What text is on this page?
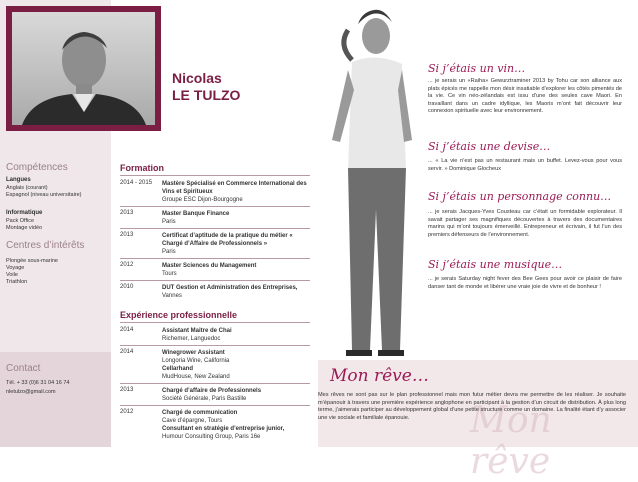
Nicolas
LE TULZO
Compétences
Langues
Anglais (courant)
Espagnol (niveau universitaire)
Informatique
Pack Office
Montage vidéo
Centres d’intérêts
Plongée sous-marine
Voyage
Voile
Triathlon
Contact
Tél. + 33 (0)6 31 04 16 74
nletulzo@gmail.com
Formation
2014 - 2015 Mastère Spécialisé en Commerce International des Vins et Spiritueux
Groupe ESC Dijon-Bourgogne
2013	Master Banque Finance
Paris
2013	Certificat d’aptitude de la pratique du métier « Chargé d’Affaire de Professionnels »
Paris
2012	Master Sciences du Management
Tours
2010	DUT Gestion et Administration des Entreprises,
Vannes
Expérience professionnelle
2014	Assistant Maitre de Chai
Richemer, Languedoc
2014	Winegrower Assistant
Longoria Wine, California
Cellarhand
MudHouse, New Zealand
2013	Chargé d’affaire de Professionnels
Société Générale, Paris Bastille
2012	Chargé de communication
Cave d’épargne, Tours
Consultant en stratégie d’entreprise junior,
Humour Consulting Group, Paris 16e
Si j’étais un vin…
... je serais un «Raiha» Gewurztraminer 2013 by Tohu car son alliance aux plats épicés me rappelle mon désir insatiable d’explorer les côtés pimentés de la vie. Ce vin néo-zélandais est issu d’une des seules cave Maori. En travaillant dans un cadre idyllique, les Maoris m’ont fait découvrir leur connexion spirituelle avec leur environnement.
Si j’étais une devise…
... « La vie n’est pas un restaurant mais un buffet. Levez-vous pour vous servir. » Dominique Glocheux
Si j’étais un personnage connu…
... je serais Jacques-Yves Cousteau car c’était un formidable explorateur. Il savait partager ses magnifiques découvertes à travers des documentaires marins qui m’ont toujours émerveillé. Entrepreneur et écrivain, il fut l’un des premiers défenseurs de l’environnement.
Si j’étais une musique…
... je serais Saturday night fever des Bee Gees pour avoir ce plaisir de faire danser tant de monde et libérer une vraie joie de vivre et de bonheur !
Mon rêve
Mon rêve…
Mes rêves ne sont pas sur le plan professionnel mais mon futur métier devra me permettre de les réaliser. Je souhaite m’épanouir à travers une première expérience anglophone en participant à la gestion d’un circuit de distribution. À plus long terme, j’aimerais participer au développement global d’une petite structure comme un domaine. La finalité étant d’y associer une vie sociale et familiale épanouie.
